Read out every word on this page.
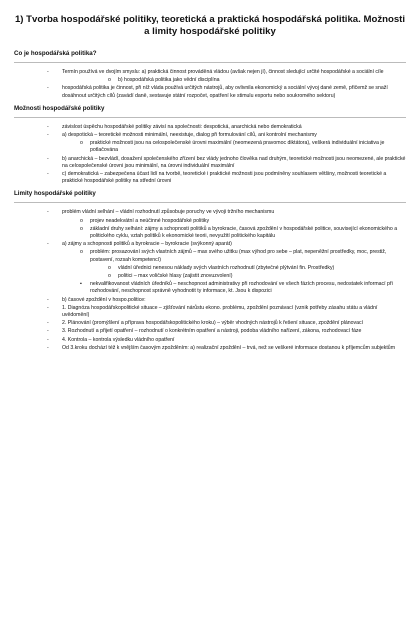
1) Tvorba hospodářské politiky, teoretická a praktická hospodářská politika. Možnosti
a limity hospodářské politiky
Co je hospodářská politika?
-	Termín používá ve dvojím smyslu: a) praktická činnost prováděná vládou (avšak nejen jí), činnost sledující určité hospodářské a sociální cíle
o b) hospodářská politika jako vědní disciplína
-	hospodářská politika je činnost, při níž vláda používá určitých nástrojů, aby ovlivnila ekonomický a sociální vývoj dané země, přičemž se snaží dosáhnout určitých cílů (zavádí daně, sestavuje státní rozpočet, opatření ke stimulu exportu nebo soukromého sektoru)
Možnosti hospodářské politiky
-	závislost úspěchu hospodářské politiky závisí na společnosti: despotická, anarchická nebo demokratická
-	a) despotická – teoretické možnosti minimální, neexistuje, dialog při formulování cílů, ani kontrolní mechanismy
o praktické možnosti jsou na celospolečenské úrovni maximální (neomezená pravomoc diktátora), veškerá individuální iniciativa je potlačována
-	b) anarchická – bezvládí, dosažení společenského zřízení bez vlády jednoho člověka nad druhým, teoretické možnosti jsou neomezené, ale praktické na celospolečenské úrovni jsou minimální, na úrovni individuální maximální
-	c) demokratická – zabezpečena účast lidí na tvorbě, teoretické i praktické možnosti jsou podmíněny souhlasem většiny, možnosti teoretické a praktické hospodářské politiky na střední úrovni
Limity hospodářské politiky
-	problém vládní selhání – vládní rozhodnutí způsobuje poruchy ve vývoji tržního mechanismu
o projev neadekvátní a neúčinné hospodářské politiky
o základní druhy selhání: zájmy a schopnosti politiků a byrokracie, časová zpoždění v hospodářské politice, související ekonomického a politického cyklu, vztah politiků k ekonomické teorii, nevyužití politického kapitálu
-	a) zájmy a schopnosti politiků a byrokracie – byrokracie (svýkonný aparát)
o problém: prosazování svých vlastních zájmů – max svého užitku (max výhod pro sebe – plat, nepeněžní prostředky, moc, prestiž, postavení, rozsah kompetencí)
o vládní úřednici nenesou náklady svých vlastních rozhodnutí (zbytečné plýtvání fin. Prostředky)
o politici – max voličské hlasy (zajistit znovuzvolení)
▪ nekvalifikovanost vládních úředníků – neschopnost administrativy při rozhodování ve všech fázích procesu, nedostatek informací při rozhodování, neschopnost správně vyhodnotit ty informace, kt. Jsou k dispozici
-	b) časové zpoždění v hospo.politice:
-	1. Diagnóza hospodářskopolitické situace – zjišťování nárůstu ekono. problému, zpoždění poznávací (vznik potřeby zásahu státu a vládní uvědomění)
-	2. Plánování (promýšlení a příprava hospodářskopolitického kroku) – výběr vhodných nástrojů k řešení situace, zpoždění plánovací
-	3. Rozhodnutí a přijetí opatření – rozhodnutí o konkrétním opatření a nástroji, podoba vládního nařízení, zákona, rozhodovací fáze
-	4. Kontrola – kontrola výsledku vládního opatření
-	Od 3.kroku dochází též k vnějším časovým zpožděním: a) realizační zpoždění – trvá, než se veškeré informace dostanou k příjemcům subjektům
